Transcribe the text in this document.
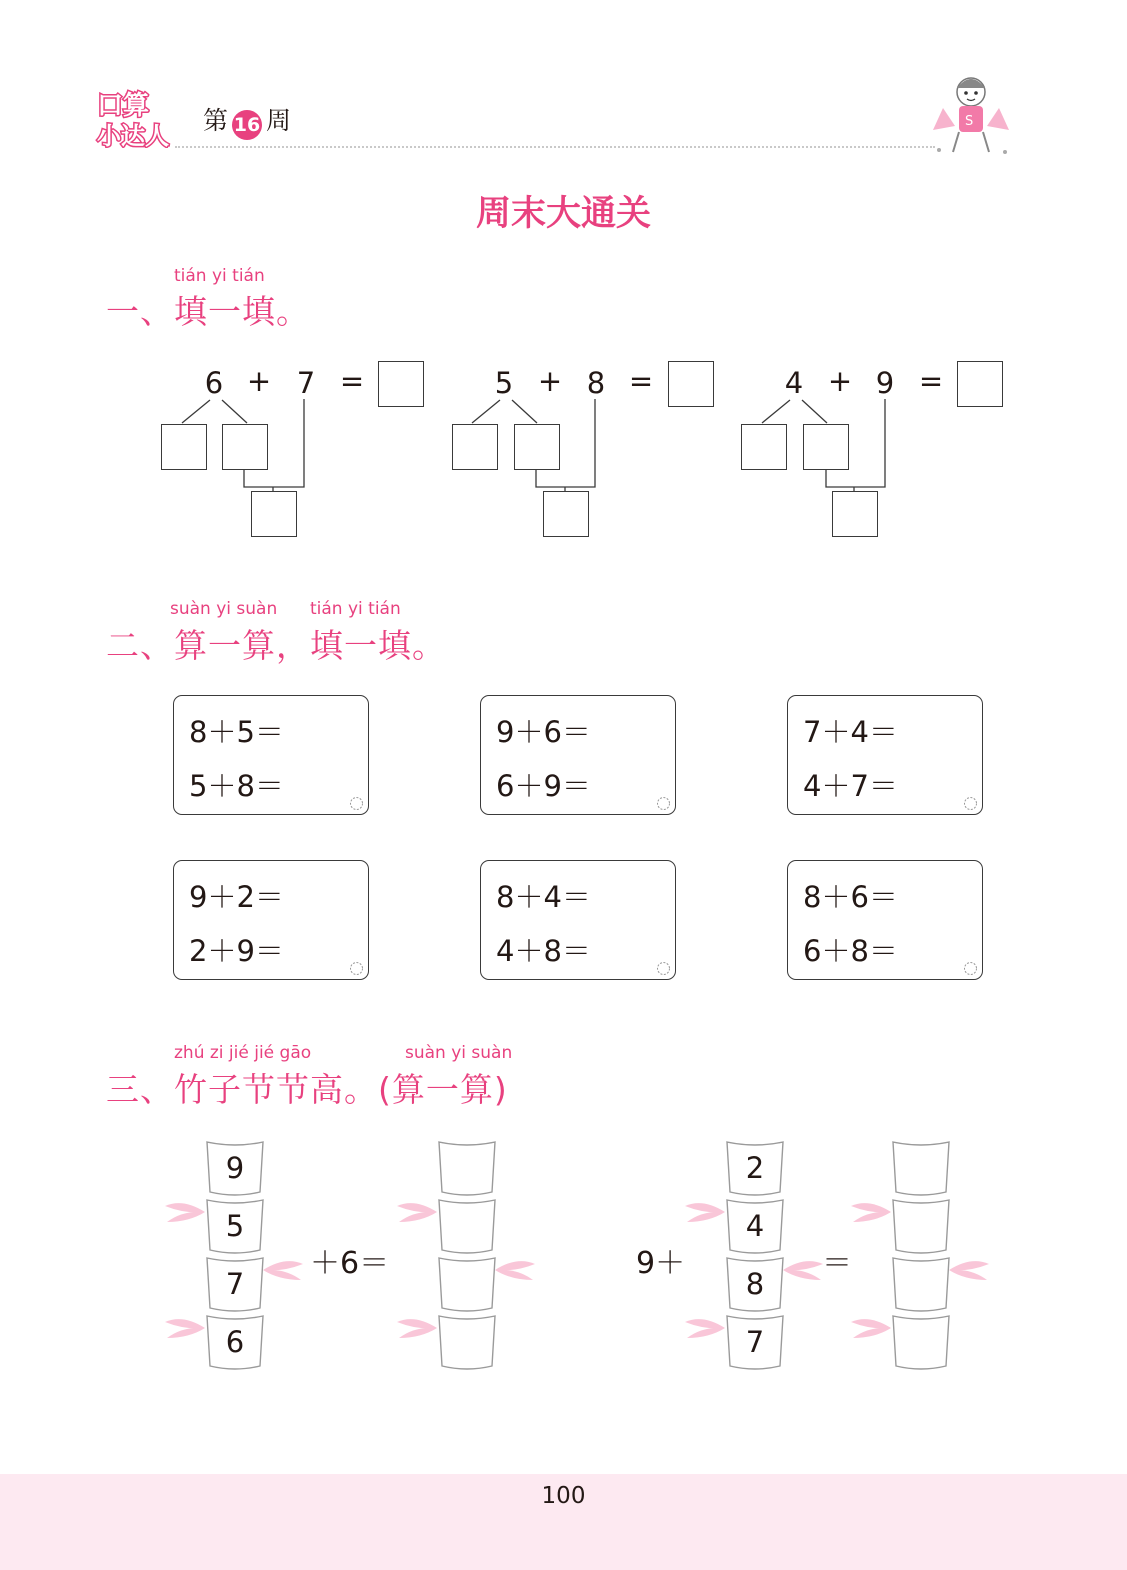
口算
小达人
第 16 周	S
周末大通关
tián yi tián
一、填一填。
6 + 7 =	5 + 8 =	4 + 9 =
suàn yi suàn tián yi tián
二、算一算，填一填。
8＋5＝
5＋8＝
9＋6＝
6＋9＝
7＋4＝
4＋7＝
9＋2＝
2＋9＝
8＋4＝
4＋8＝
8＋6＝
6＋8＝
zhú zi jié jié gāo	suàn yi suàn
三、竹子节节高。(算一算)
9
5
7
6
＋6＝	9＋
2
4
8
7
＝
100
